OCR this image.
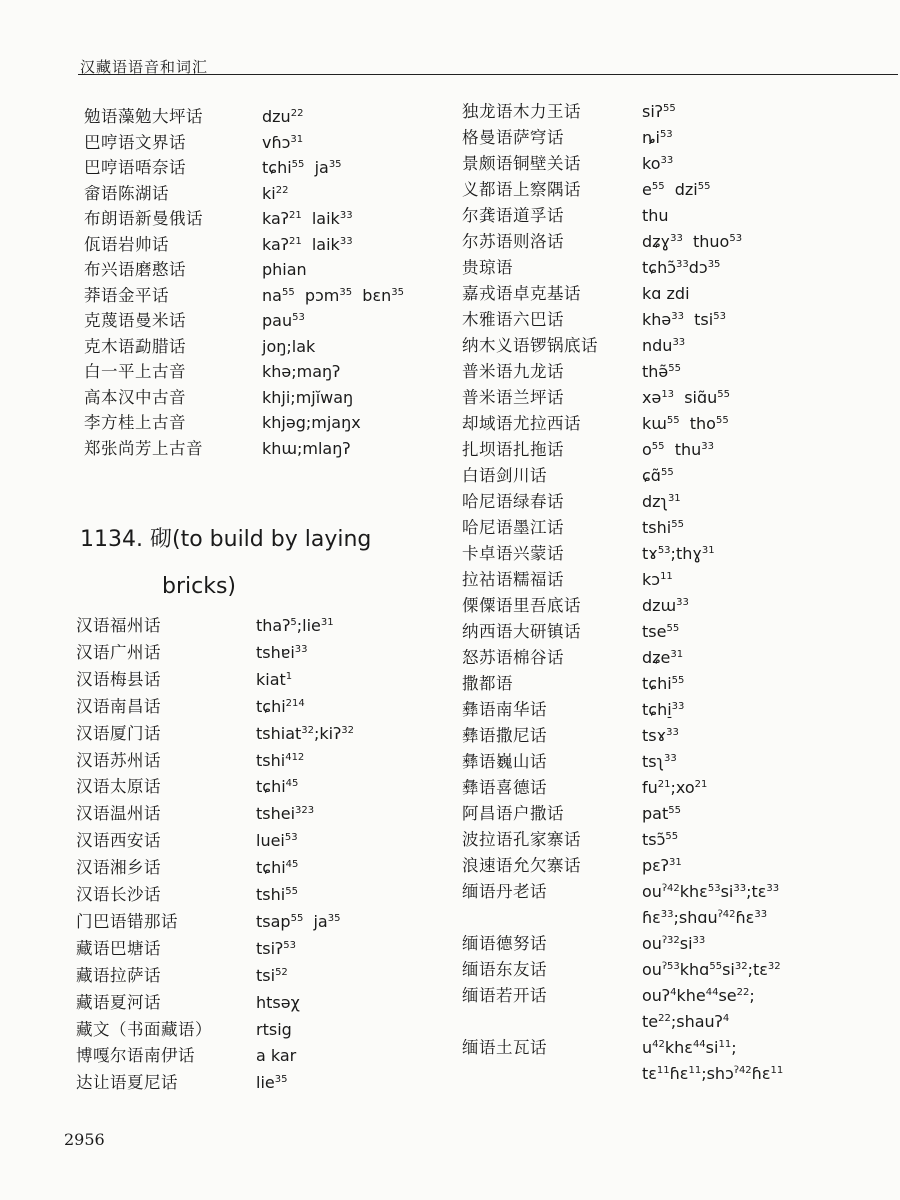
汉藏语语音和词汇
勉语藻勉大坪话	dzu$^{22}$
巴哼语文界话	vɦɔ$^{31}$
巴哼语唔奈话	tɕhi$^{55}$  $ja^{35}$
畲语陈湖话	$ki^{22}$
布朗语新曼俄话	kaʔ$^{21}$  laik$^{33}$
佤语岩帅话	kaʔ$^{21}$  laik$^{33}$
布兴语磨憨话	phian
莽语金平话	$na^{55}$  pɔm$^{35}$  bɛn$^{35}$
克蔑语曼米话	pau$^{53}$
克木语勐腊话	joŋ;lak
白一平上古音	khə;maŋʔ
高本汉中古音	khji;mjĭwaŋ
李方桂上古音	khjəg;mjaŋx
郑张尚芳上古音	khɯ;mlaŋʔ
1134. 砌(to build by laying
bricks)
汉语福州话	thaʔ$^5$;lie$^{31}$
汉语广州话	tshɐi$^{33}$
汉语梅县话	kiat$^1$
汉语南昌话	tɕhi$^{214}$
汉语厦门话	tshiat$^{32}$;kiʔ$^{32}$
汉语苏州话	tshi$^{412}$
汉语太原话	tɕhi$^{45}$
汉语温州话	tshei$^{323}$
汉语西安话	luei$^{53}$
汉语湘乡话	tɕhi$^{45}$
汉语长沙话	tshi$^{55}$
门巴语错那话	tsap$^{55}$  $ja^{35}$
藏语巴塘话	tsiʔ$^{53}$
藏语拉萨话	tsi$^{52}$
藏语夏河话	htsəχ
藏文（书面藏语）	rtsig
博嘎尔语南伊话	a kar
达让语夏尼话	lie$^{35}$
独龙语木力王话	siʔ$^{55}$
格曼语萨穹话	$ȵi^{53}$
景颇语铜壁关话	$ko^{33}$
义都语上察隅话	$e^{55}$  dzi$^{55}$
尔龚语道孚话	thu
尔苏语则洛话	dʑɣ$^{33}$  thuo$^{53}$
贵琼语	tɕhɔ̃$^{33}$dɔ$^{35}$
嘉戎语卓克基话	kɑ zdi
木雅语六巴话	khə$^{33}$  tsi$^{53}$
纳木义语锣锅底话	ndu$^{33}$
普米语九龙话	thə̃$^{55}$
普米语兰坪话	xə$^{13}$  $siɑ̃u^{55}$
却域语尤拉西话	kɯ$^{55}$  tho$^{55}$
扎坝语扎拖话	$o^{55}$  thu$^{33}$
白语剑川话	ɕɑ̃$^{55}$
哈尼语绿春话	dzʅ$^{31}$
哈尼语墨江话	tshi$^{55}$
卡卓语兴蒙话	tɤ$^{53}$;thɣ$^{31}$
拉祜语糯福话	kɔ$^{11}$
傈僳语里吾底话	dzɯ$^{33}$
纳西语大研镇话	tse$^{55}$
怒苏语棉谷话	dʑe$^{31}$
撒都语	tɕhi$^{55}$
彝语南华话	tɕhi̠$^{33}$
彝语撒尼话	tsɤ$^{33}$
彝语巍山话	tsʅ$^{33}$
彝语喜德话	$fu^{21};xo^{21}$
阿昌语户撒话	pat$^{55}$
波拉语孔家寨话	tsɔ̃$^{55}$
浪速语允欠寨话	pɛʔ$^{31}$
缅语丹老话	$ou^{ʔ42}khɛ^{53}si^{33};tɛ^{33}$
ɦɛ$^{33}$;shɑu$^{ʔ42}$ɦɛ$^{33}$
缅语德努话	$ou^{ʔ32}si^{33}$
缅语东友话	$ou^{ʔ53}khɑ^{55}si^{32};tɛ^{32}$
缅语若开话	$ouʔ^4khe^{44}se^{22}$;
$te^{22};shauʔ^4$
缅语土瓦话	$u^{42}khɛ^{44}si^{11}$;
tɛ$^{11}$ɦɛ$^{11}$;shɔ$^{ʔ42}$ɦɛ$^{11}$
2956
